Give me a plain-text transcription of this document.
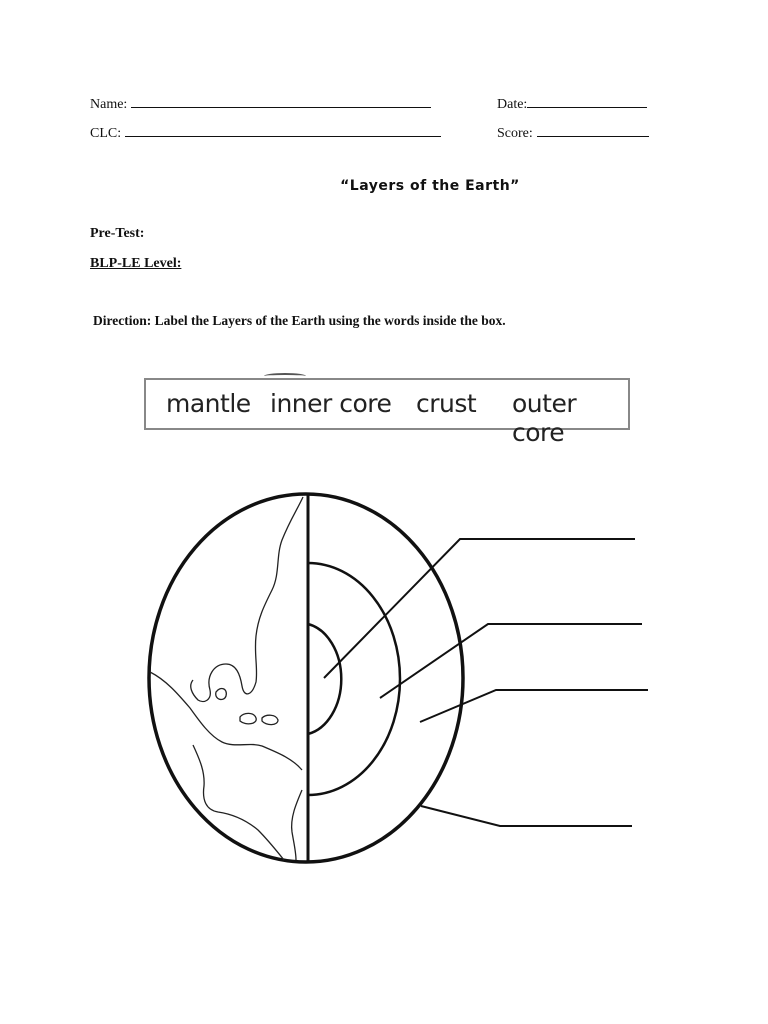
Name:	Date:
CLC:	Score:
“Layers of the Earth”
Pre-Test:
BLP-LE Level:
Direction: Label the Layers of the Earth using the words inside the box.
mantle inner core crust outer core
